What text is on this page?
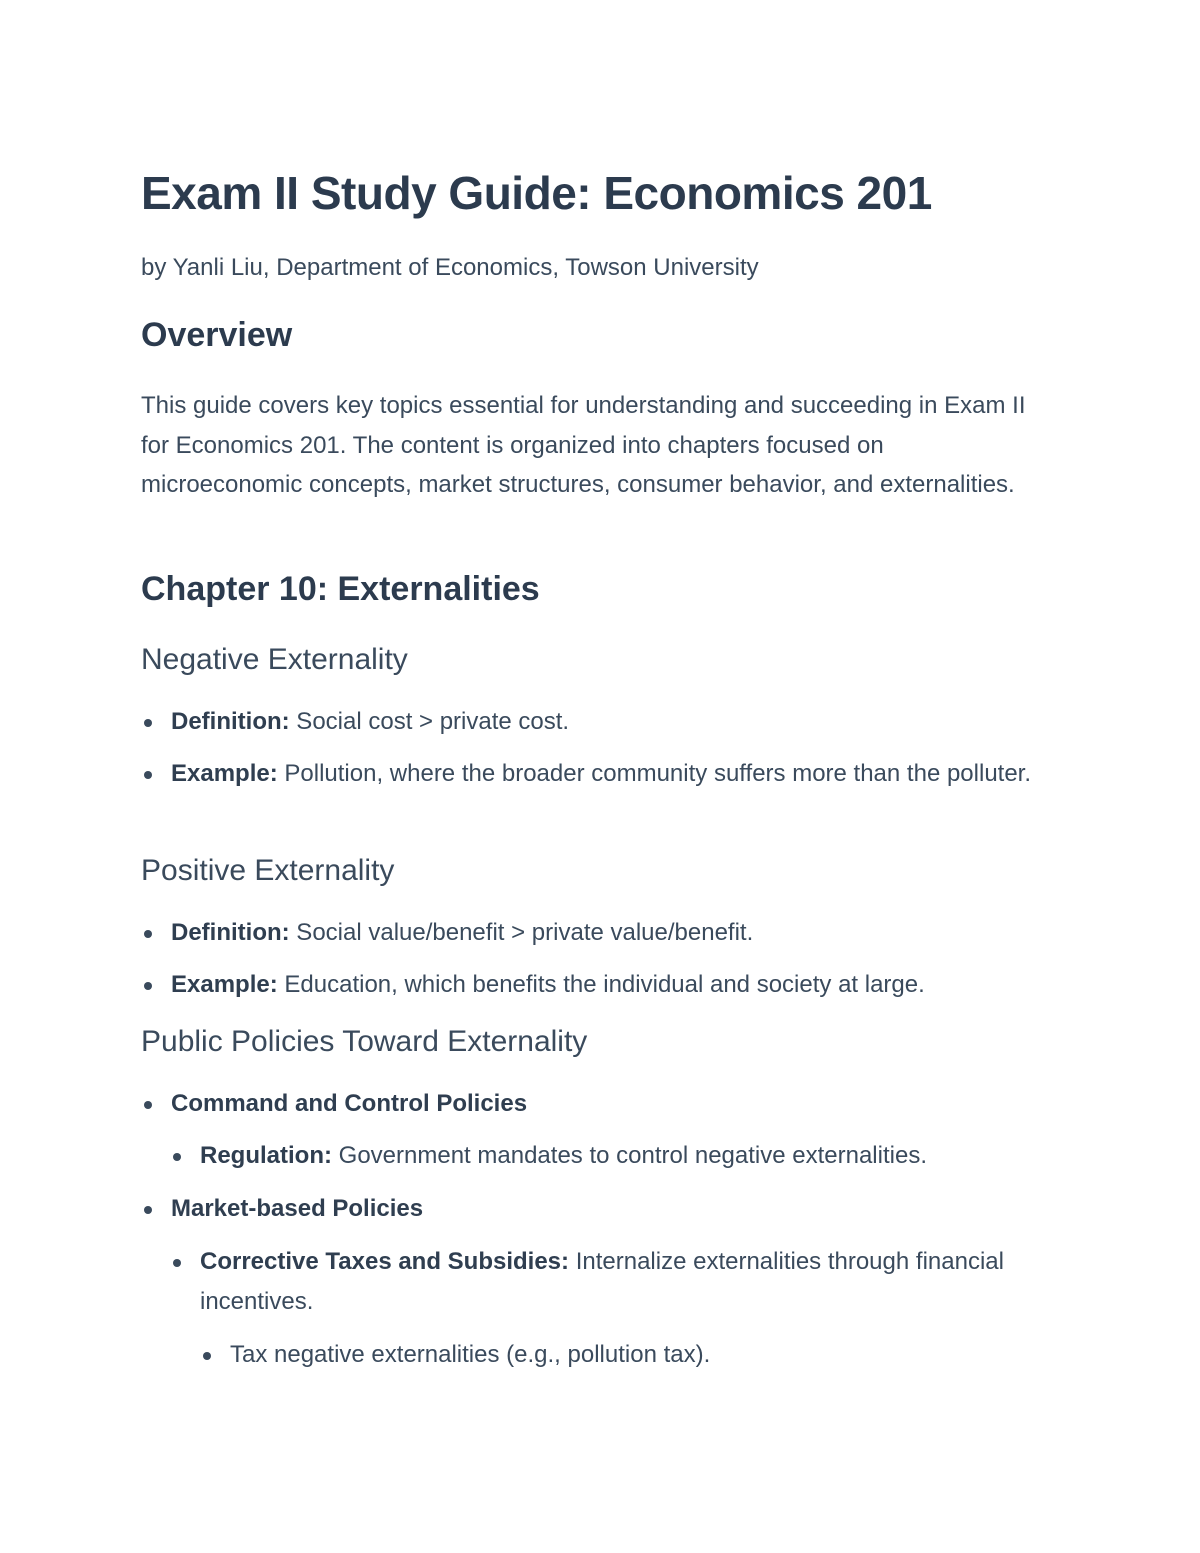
Exam II Study Guide: Economics 201

by Yanli Liu, Department of Economics, Towson University

Overview

This guide covers key topics essential for understanding and succeeding in Exam II for Economics 201. The content is organized into chapters focused on microeconomic concepts, market structures, consumer behavior, and externalities.

Chapter 10: Externalities
Negative Externality
Definition: Social cost > private cost.
Example: Pollution, where the broader community suffers more than the polluter.
Positive Externality
Definition: Social value/benefit > private value/benefit.
Example: Education, which benefits the individual and society at large.
Public Policies Toward Externality
Command and Control Policies
Regulation: Government mandates to control negative externalities.
Market-based Policies
Corrective Taxes and Subsidies: Internalize externalities through financial incentives.
Tax negative externalities (e.g., pollution tax).
